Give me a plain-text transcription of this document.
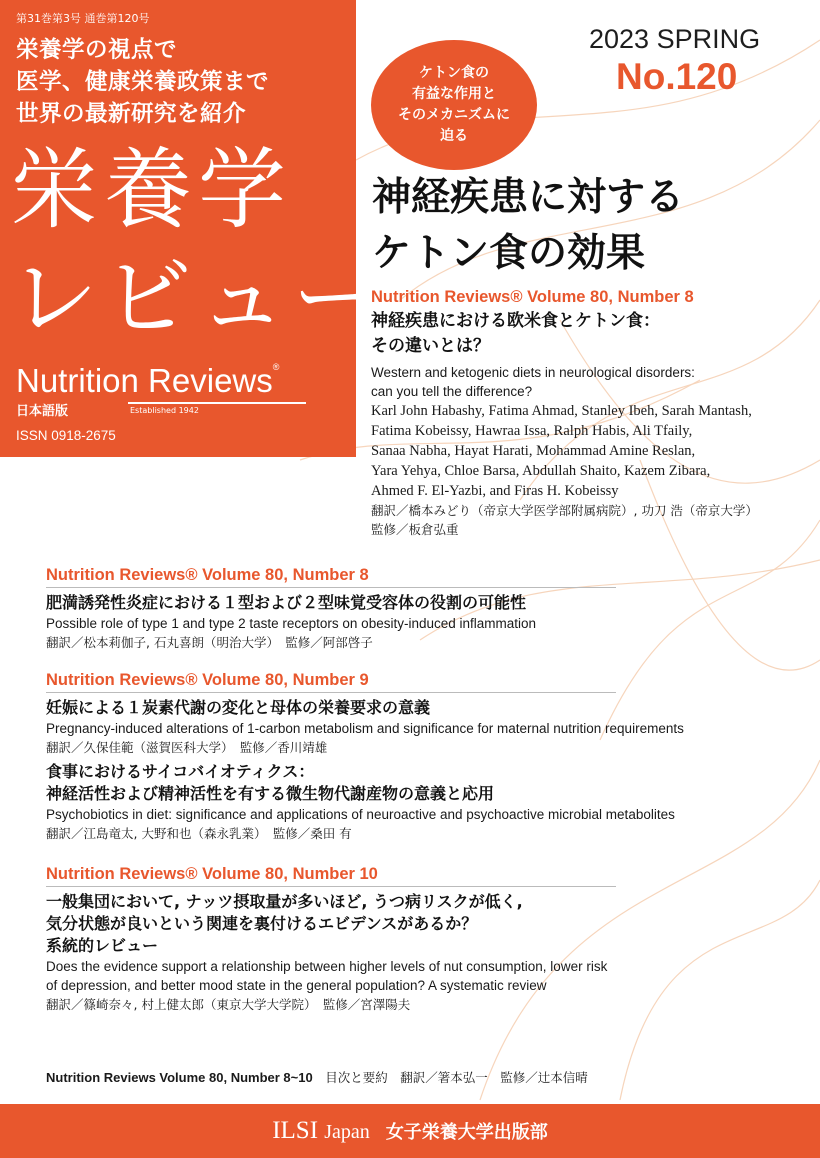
第31巻第3号 通巻第120号
栄養学の視点で
医学、健康栄養政策まで
世界の最新研究を紹介
栄養学
レビュー
Nutrition Reviews®
日本語版	Established 1942
ISSN 0918-2675
2023 SPRING
No.120
ケトン食の
有益な作用と
そのメカニズムに
迫る
神経疾患に対する
ケトン食の効果
Nutrition Reviews® Volume 80, Number 8
神経疾患における欧米食とケトン食：
その違いとは？
Western and ketogenic diets in neurological disorders:
can you tell the difference?
Karl John Habashy, Fatima Ahmad, Stanley Ibeh, Sarah Mantash,
Fatima Kobeissy, Hawraa Issa, Ralph Habis, Ali Tfaily,
Sanaa Nabha, Hayat Harati, Mohammad Amine Reslan,
Yara Yehya, Chloe Barsa, Abdullah Shaito, Kazem Zibara,
Ahmed F. El-Yazbi, and Firas H. Kobeissy
翻訳／橋本みどり（帝京大学医学部附属病院）, 功刀 浩（帝京大学）
監修／板倉弘重
Nutrition Reviews® Volume 80, Number 8
肥満誘発性炎症における１型および２型味覚受容体の役割の可能性
Possible role of type 1 and type 2 taste receptors on obesity-induced inflammation
翻訳／松本莉伽子, 石丸喜朗（明治大学）　監修／阿部啓子
Nutrition Reviews® Volume 80, Number 9
妊娠による１炭素代謝の変化と母体の栄養要求の意義
Pregnancy-induced alterations of 1-carbon metabolism and significance for maternal nutrition requirements
翻訳／久保佳範（滋賀医科大学）　監修／香川靖雄
食事におけるサイコバイオティクス：
神経活性および精神活性を有する微生物代謝産物の意義と応用
Psychobiotics in diet: significance and applications of neuroactive and psychoactive microbial metabolites
翻訳／江島竜太, 大野和也（森永乳業）　監修／桑田 有
Nutrition Reviews® Volume 80, Number 10
一般集団において, ナッツ摂取量が多いほど, うつ病リスクが低く,
気分状態が良いという関連を裏付けるエビデンスがあるか？
系統的レビュー
Does the evidence support a relationship between higher levels of nut consumption, lower risk
of depression, and better mood state in the general population? A systematic review
翻訳／篠崎奈々, 村上健太郎（東京大学大学院）　監修／宮澤陽夫
Nutrition Reviews Volume 80, Number 8~10　目次と要約　翻訳／箸本弘一　監修／辻本信晴
ILSI Japan 女子栄養大学出版部
